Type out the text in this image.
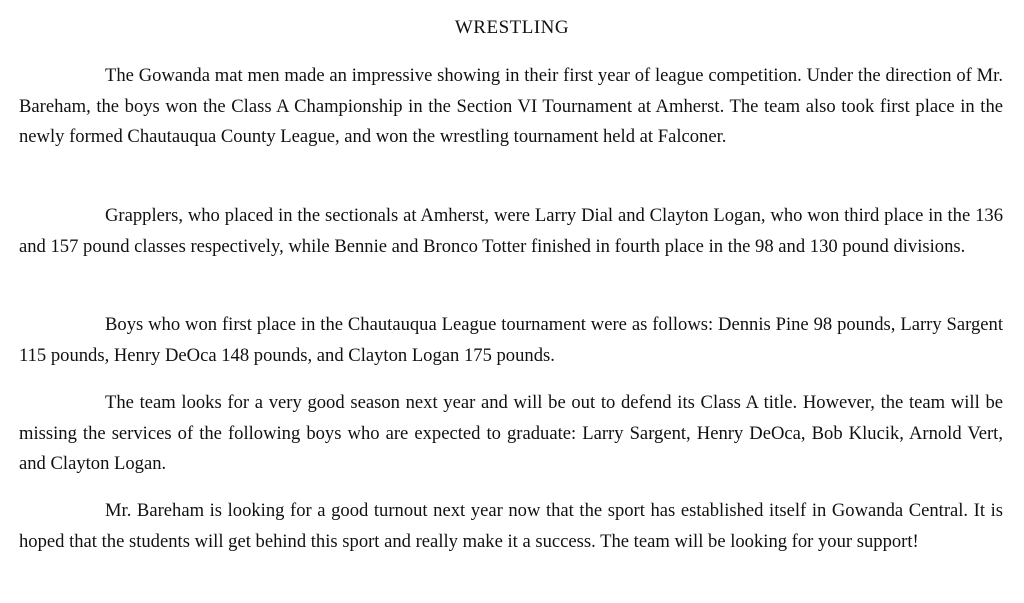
WRESTLING

The Gowanda mat men made an impressive showing in their first year of league competition. Under the direction of Mr. Bareham, the boys won the Class A Championship in the Section VI Tournament at Amherst. The team also took first place in the newly formed Chautauqua County League, and won the wrestling tournament held at Falconer.

Grapplers, who placed in the sectionals at Amherst, were Larry Dial and Clayton Logan, who won third place in the 136 and 157 pound classes respectively, while Bennie and Bronco Totter finished in fourth place in the 98 and 130 pound divisions.

Boys who won first place in the Chautauqua League tournament were as follows: Dennis Pine 98 pounds, Larry Sargent 115 pounds, Henry DeOca 148 pounds, and Clayton Logan 175 pounds.

The team looks for a very good season next year and will be out to defend its Class A title. However, the team will be missing the services of the following boys who are expected to graduate: Larry Sargent, Henry DeOca, Bob Klucik, Arnold Vert, and Clayton Logan.

Mr. Bareham is looking for a good turnout next year now that the sport has established itself in Gowanda Central. It is hoped that the students will get behind this sport and really make it a success. The team will be looking for your support!
